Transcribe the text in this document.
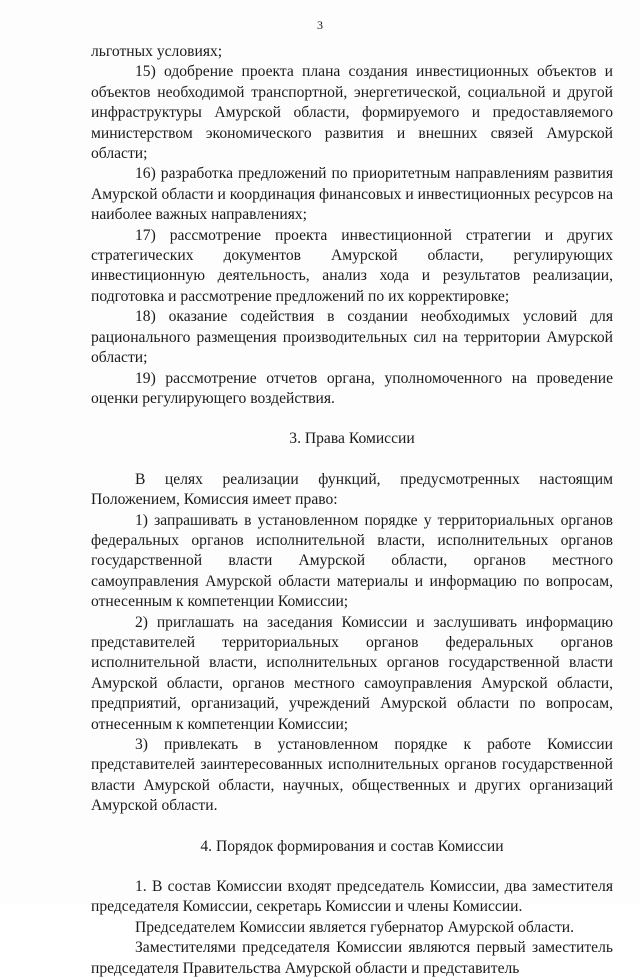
3

льготных условиях;

15) одобрение проекта плана создания инвестиционных объектов и объектов необходимой транспортной, энергетической, социальной и другой инфраструктуры Амурской области, формируемого и предоставляемого министерством экономического развития и внешних связей Амурской области;

16) разработка предложений по приоритетным направлениям развития Амурской области и координация финансовых и инвестиционных ресурсов на наиболее важных направлениях;

17) рассмотрение проекта инвестиционной стратегии и других стратегических документов Амурской области, регулирующих инвестиционную деятельность, анализ хода и результатов реализации, подготовка и рассмотрение предложений по их корректировке;

18) оказание содействия в создании необходимых условий для рационального размещения производительных сил на территории Амурской области;

19) рассмотрение отчетов органа, уполномоченного на проведение оценки регулирующего воздействия.

3. Права Комиссии

В целях реализации функций, предусмотренных настоящим Положением, Комиссия имеет право:

1) запрашивать в установленном порядке у территориальных органов федеральных органов исполнительной власти, исполнительных органов государственной власти Амурской области, органов местного самоуправления Амурской области материалы и информацию по вопросам, отнесенным к компетенции Комиссии;

2) приглашать на заседания Комиссии и заслушивать информацию представителей территориальных органов федеральных органов исполнительной власти, исполнительных органов государственной власти Амурской области, органов местного самоуправления Амурской области, предприятий, организаций, учреждений Амурской области по вопросам, отнесенным к компетенции Комиссии;

3) привлекать в установленном порядке к работе Комиссии представителей заинтересованных исполнительных органов государственной власти Амурской области, научных, общественных и других организаций Амурской области.

4. Порядок формирования и состав Комиссии

1. В состав Комиссии входят председатель Комиссии, два заместителя председателя Комиссии, секретарь Комиссии и члены Комиссии.

Председателем Комиссии является губернатор Амурской области.

Заместителями председателя Комиссии являются первый заместитель председателя Правительства Амурской области и представитель
